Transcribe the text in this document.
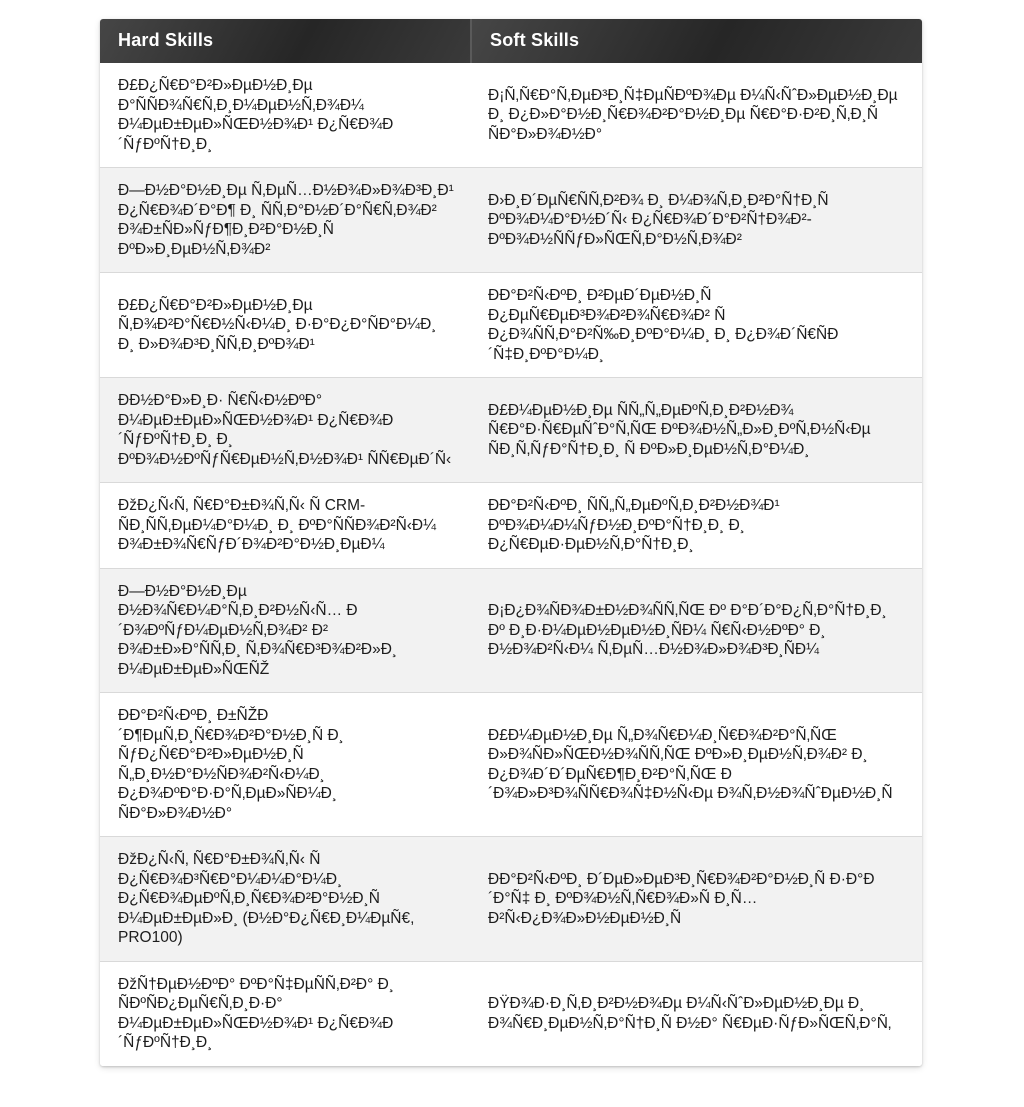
Hard Skills	Soft Skills
Ð£Ð¿Ñ€Ð°Ð²Ð»ÐµÐ½Ð¸Ðµ Ð°ÑÑÐ¾Ñ€Ñ‚Ð¸Ð¼ÐµÐ½Ñ‚Ð¾Ð¼ Ð¼ÐµÐ±ÐµÐ»ÑŒÐ½Ð¾Ð¹ Ð¿Ñ€Ð¾Ð´ÑƒÐºÑ†Ð¸Ð¸	Ð¡Ñ‚Ñ€Ð°Ñ‚ÐµÐ³Ð¸Ñ‡ÐµÑÐºÐ¾Ðµ Ð¼Ñ‹ÑˆÐ»ÐµÐ½Ð¸Ðµ Ð¸ Ð¿Ð»Ð°Ð½Ð¸Ñ€Ð¾Ð²Ð°Ð½Ð¸Ðµ Ñ€Ð°Ð·Ð²Ð¸Ñ‚Ð¸Ñ ÑÐ°Ð»Ð¾Ð½Ð°
Ð—Ð½Ð°Ð½Ð¸Ðµ Ñ‚ÐµÑ…Ð½Ð¾Ð»Ð¾Ð³Ð¸Ð¹ Ð¿Ñ€Ð¾Ð´Ð°Ð¶ Ð¸ ÑÑ‚Ð°Ð½Ð´Ð°Ñ€Ñ‚Ð¾Ð² Ð¾Ð±ÑÐ»ÑƒÐ¶Ð¸Ð²Ð°Ð½Ð¸Ñ ÐºÐ»Ð¸ÐµÐ½Ñ‚Ð¾Ð²	Ð›Ð¸Ð´ÐµÑ€ÑÑ‚Ð²Ð¾ Ð¸ Ð¼Ð¾Ñ‚Ð¸Ð²Ð°Ñ†Ð¸Ñ ÐºÐ¾Ð¼Ð°Ð½Ð´Ñ‹ Ð¿Ñ€Ð¾Ð´Ð°Ð²Ñ†Ð¾Ð²-ÐºÐ¾Ð½ÑÑƒÐ»ÑŒÑ‚Ð°Ð½Ñ‚Ð¾Ð²
Ð£Ð¿Ñ€Ð°Ð²Ð»ÐµÐ½Ð¸Ðµ Ñ‚Ð¾Ð²Ð°Ñ€Ð½Ñ‹Ð¼Ð¸ Ð·Ð°Ð¿Ð°ÑÐ°Ð¼Ð¸ Ð¸ Ð»Ð¾Ð³Ð¸ÑÑ‚Ð¸ÐºÐ¾Ð¹	ÐÐ°Ð²Ñ‹ÐºÐ¸ Ð²ÐµÐ´ÐµÐ½Ð¸Ñ Ð¿ÐµÑ€ÐµÐ³Ð¾Ð²Ð¾Ñ€Ð¾Ð² Ñ Ð¿Ð¾ÑÑ‚Ð°Ð²Ñ‰Ð¸ÐºÐ°Ð¼Ð¸ Ð¸ Ð¿Ð¾Ð´Ñ€ÑÐ´Ñ‡Ð¸ÐºÐ°Ð¼Ð¸
ÐÐ½Ð°Ð»Ð¸Ð· Ñ€Ñ‹Ð½ÐºÐ° Ð¼ÐµÐ±ÐµÐ»ÑŒÐ½Ð¾Ð¹ Ð¿Ñ€Ð¾Ð´ÑƒÐºÑ†Ð¸Ð¸ Ð¸ ÐºÐ¾Ð½ÐºÑƒÑ€ÐµÐ½Ñ‚Ð½Ð¾Ð¹ ÑÑ€ÐµÐ´Ñ‹	Ð£Ð¼ÐµÐ½Ð¸Ðµ ÑÑ„Ñ„ÐµÐºÑ‚Ð¸Ð²Ð½Ð¾ Ñ€Ð°Ð·Ñ€ÐµÑˆÐ°Ñ‚ÑŒ ÐºÐ¾Ð½Ñ„Ð»Ð¸ÐºÑ‚Ð½Ñ‹Ðµ ÑÐ¸Ñ‚ÑƒÐ°Ñ†Ð¸Ð¸ Ñ ÐºÐ»Ð¸ÐµÐ½Ñ‚Ð°Ð¼Ð¸
ÐžÐ¿Ñ‹Ñ‚ Ñ€Ð°Ð±Ð¾Ñ‚Ñ‹ Ñ CRM-ÑÐ¸ÑÑ‚ÐµÐ¼Ð°Ð¼Ð¸ Ð¸ ÐºÐ°ÑÑÐ¾Ð²Ñ‹Ð¼ Ð¾Ð±Ð¾Ñ€ÑƒÐ´Ð¾Ð²Ð°Ð½Ð¸ÐµÐ¼	ÐÐ°Ð²Ñ‹ÐºÐ¸ ÑÑ„Ñ„ÐµÐºÑ‚Ð¸Ð²Ð½Ð¾Ð¹ ÐºÐ¾Ð¼Ð¼ÑƒÐ½Ð¸ÐºÐ°Ñ†Ð¸Ð¸ Ð¸ Ð¿Ñ€ÐµÐ·ÐµÐ½Ñ‚Ð°Ñ†Ð¸Ð¸
Ð—Ð½Ð°Ð½Ð¸Ðµ Ð½Ð¾Ñ€Ð¼Ð°Ñ‚Ð¸Ð²Ð½Ñ‹Ñ… Ð´Ð¾ÐºÑƒÐ¼ÐµÐ½Ñ‚Ð¾Ð² Ð² Ð¾Ð±Ð»Ð°ÑÑ‚Ð¸ Ñ‚Ð¾Ñ€Ð³Ð¾Ð²Ð»Ð¸ Ð¼ÐµÐ±ÐµÐ»ÑŒÑŽ	Ð¡Ð¿Ð¾ÑÐ¾Ð±Ð½Ð¾ÑÑ‚ÑŒ Ðº Ð°Ð´Ð°Ð¿Ñ‚Ð°Ñ†Ð¸Ð¸ Ðº Ð¸Ð·Ð¼ÐµÐ½ÐµÐ½Ð¸ÑÐ¼ Ñ€Ñ‹Ð½ÐºÐ° Ð¸ Ð½Ð¾Ð²Ñ‹Ð¼ Ñ‚ÐµÑ…Ð½Ð¾Ð»Ð¾Ð³Ð¸ÑÐ¼
ÐÐ°Ð²Ñ‹ÐºÐ¸ Ð±ÑŽÐ´Ð¶ÐµÑ‚Ð¸Ñ€Ð¾Ð²Ð°Ð½Ð¸Ñ Ð¸ ÑƒÐ¿Ñ€Ð°Ð²Ð»ÐµÐ½Ð¸Ñ Ñ„Ð¸Ð½Ð°Ð½ÑÐ¾Ð²Ñ‹Ð¼Ð¸ Ð¿Ð¾ÐºÐ°Ð·Ð°Ñ‚ÐµÐ»ÑÐ¼Ð¸ ÑÐ°Ð»Ð¾Ð½Ð°	Ð£Ð¼ÐµÐ½Ð¸Ðµ Ñ„Ð¾Ñ€Ð¼Ð¸Ñ€Ð¾Ð²Ð°Ñ‚ÑŒ Ð»Ð¾ÑÐ»ÑŒÐ½Ð¾ÑÑ‚ÑŒ ÐºÐ»Ð¸ÐµÐ½Ñ‚Ð¾Ð² Ð¸ Ð¿Ð¾Ð´Ð´ÐµÑ€Ð¶Ð¸Ð²Ð°Ñ‚ÑŒ Ð´Ð¾Ð»Ð³Ð¾ÑÑ€Ð¾Ñ‡Ð½Ñ‹Ðµ Ð¾Ñ‚Ð½Ð¾ÑˆÐµÐ½Ð¸Ñ
ÐžÐ¿Ñ‹Ñ‚ Ñ€Ð°Ð±Ð¾Ñ‚Ñ‹ Ñ Ð¿Ñ€Ð¾Ð³Ñ€Ð°Ð¼Ð¼Ð°Ð¼Ð¸ Ð¿Ñ€Ð¾ÐµÐºÑ‚Ð¸Ñ€Ð¾Ð²Ð°Ð½Ð¸Ñ Ð¼ÐµÐ±ÐµÐ»Ð¸ (Ð½Ð°Ð¿Ñ€Ð¸Ð¼ÐµÑ€, PRO100)	ÐÐ°Ð²Ñ‹ÐºÐ¸ Ð´ÐµÐ»ÐµÐ³Ð¸Ñ€Ð¾Ð²Ð°Ð½Ð¸Ñ Ð·Ð°Ð´Ð°Ñ‡ Ð¸ ÐºÐ¾Ð½Ñ‚Ñ€Ð¾Ð»Ñ Ð¸Ñ… Ð²Ñ‹Ð¿Ð¾Ð»Ð½ÐµÐ½Ð¸Ñ
ÐžÑ†ÐµÐ½ÐºÐ° ÐºÐ°Ñ‡ÐµÑÑ‚Ð²Ð° Ð¸ ÑÐºÑÐ¿ÐµÑ€Ñ‚Ð¸Ð·Ð° Ð¼ÐµÐ±ÐµÐ»ÑŒÐ½Ð¾Ð¹ Ð¿Ñ€Ð¾Ð´ÑƒÐºÑ†Ð¸Ð¸	ÐŸÐ¾Ð·Ð¸Ñ‚Ð¸Ð²Ð½Ð¾Ðµ Ð¼Ñ‹ÑˆÐ»ÐµÐ½Ð¸Ðµ Ð¸ Ð¾Ñ€Ð¸ÐµÐ½Ñ‚Ð°Ñ†Ð¸Ñ Ð½Ð° Ñ€ÐµÐ·ÑƒÐ»ÑŒÑ‚Ð°Ñ‚
